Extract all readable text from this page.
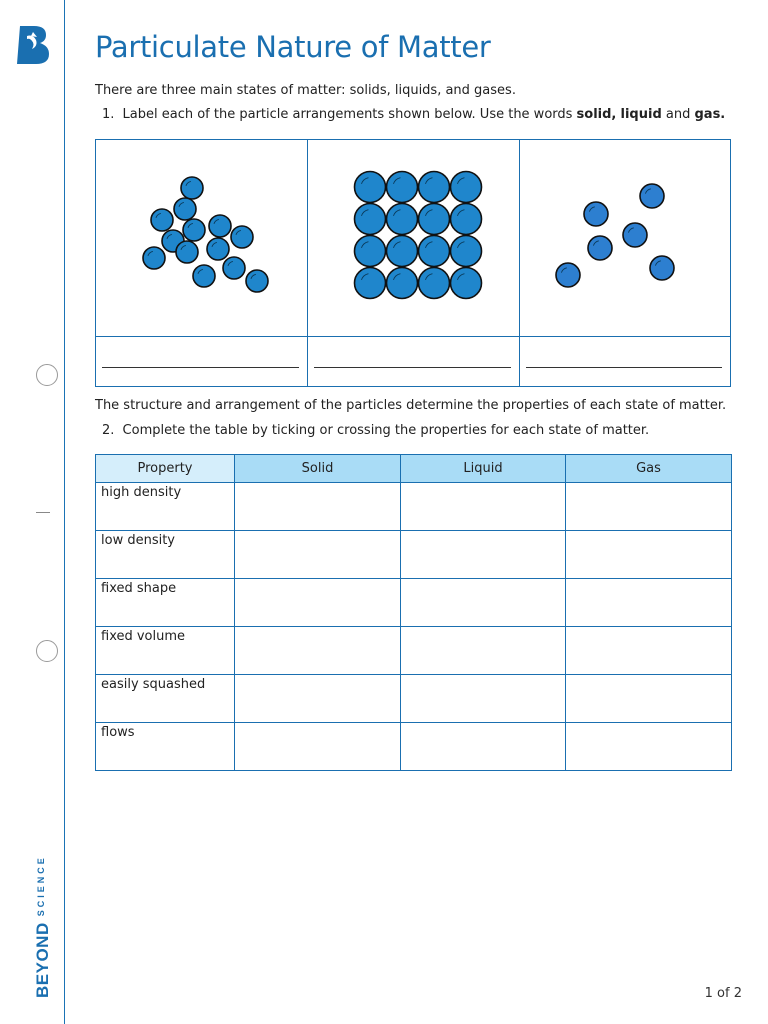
$BEYOND^{SCIENCE}$
Particulate Nature of Matter
There are three main states of matter: solids, liquids, and gases.
1. Label each of the particle arrangements shown below. Use the words solid, liquid and gas.
The structure and arrangement of the particles determine the properties of each state of matter.
2. Complete the table by ticking or crossing the properties for each state of matter.
Property	Solid	Liquid	Gas
high density			
low density			
fixed shape			
fixed volume			
easily squashed			
flows			
1 of 2
